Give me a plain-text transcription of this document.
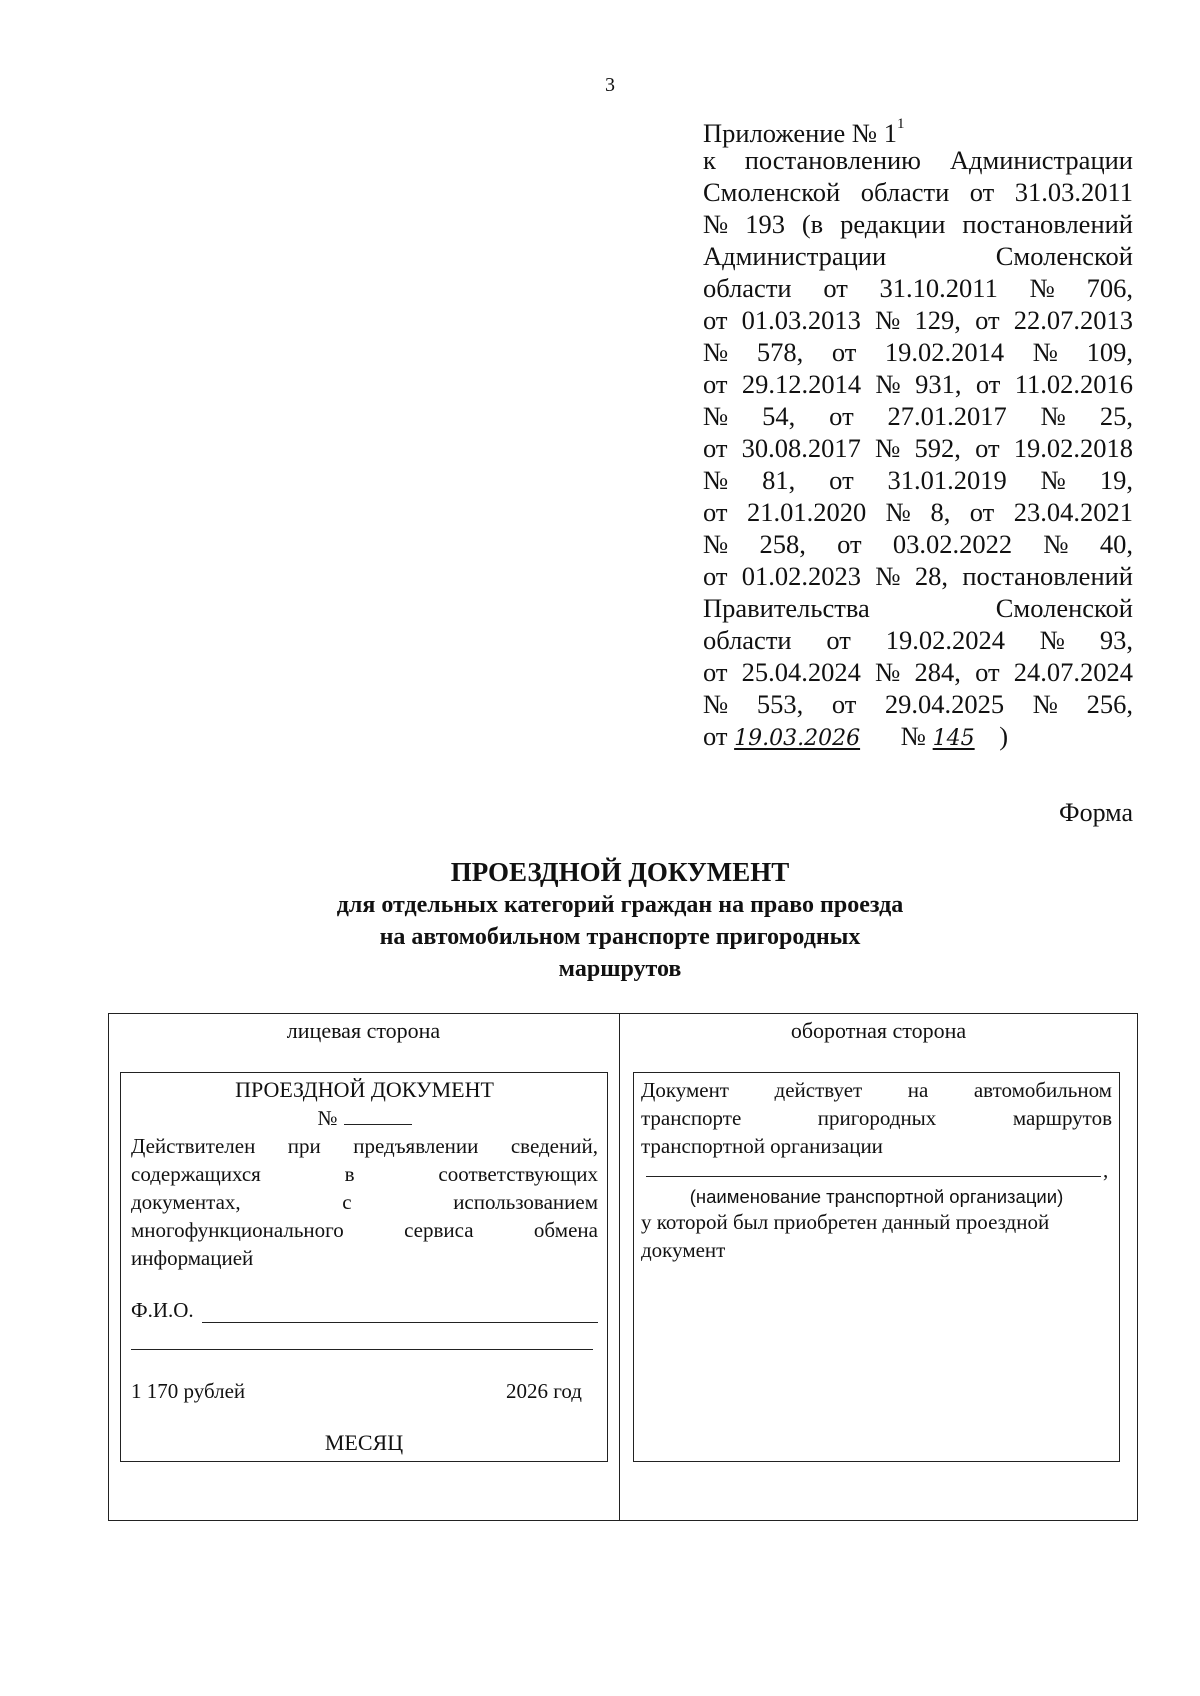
3
Приложение № $1^1$
к постановлению Администрации
Смоленской области от 31.03.2011
№ 193 (в редакции постановлений
Администрации	Смоленской
области от 31.10.2011 № 706,
от 01.03.2013 № 129, от 22.07.2013
№ 578, от 19.02.2014 № 109,
от 29.12.2014 № 931, от 11.02.2016
№ 54, от 27.01.2017 № 25,
от 30.08.2017 № 592, от 19.02.2018
№ 81, от 31.01.2019 № 19,
от 21.01.2020 № 8, от 23.04.2021
№ 258, от 03.02.2022 № 40,
от 01.02.2023 № 28, постановлений
Правительства	Смоленской
области от 19.02.2024 № 93,
от 25.04.2024 № 284, от 24.07.2024
№ 553, от 29.04.2025 № 256,
от 19.03.2026 № 145 )
Форма
ПРОЕЗДНОЙ ДОКУМЕНТ
для отдельных категорий граждан на право проезда
на автомобильном транспорте пригородных
маршрутов
лицевая сторона	оборотная сторона
ПРОЕЗДНОЙ ДОКУМЕНТ
№
Действителен при предъявлении сведений,
содержащихся	в	соответствующих
документах,	с	использованием
многофункционального	сервиса	обмена
информацией
Ф.И.О.
1 170 рублей	2026 год
МЕСЯЦ
Документ действует на автомобильном
транспорте	пригородных	маршрутов
транспортной организации
,
(наименование транспортной организации)
у которой был приобретен данный проездной
документ
